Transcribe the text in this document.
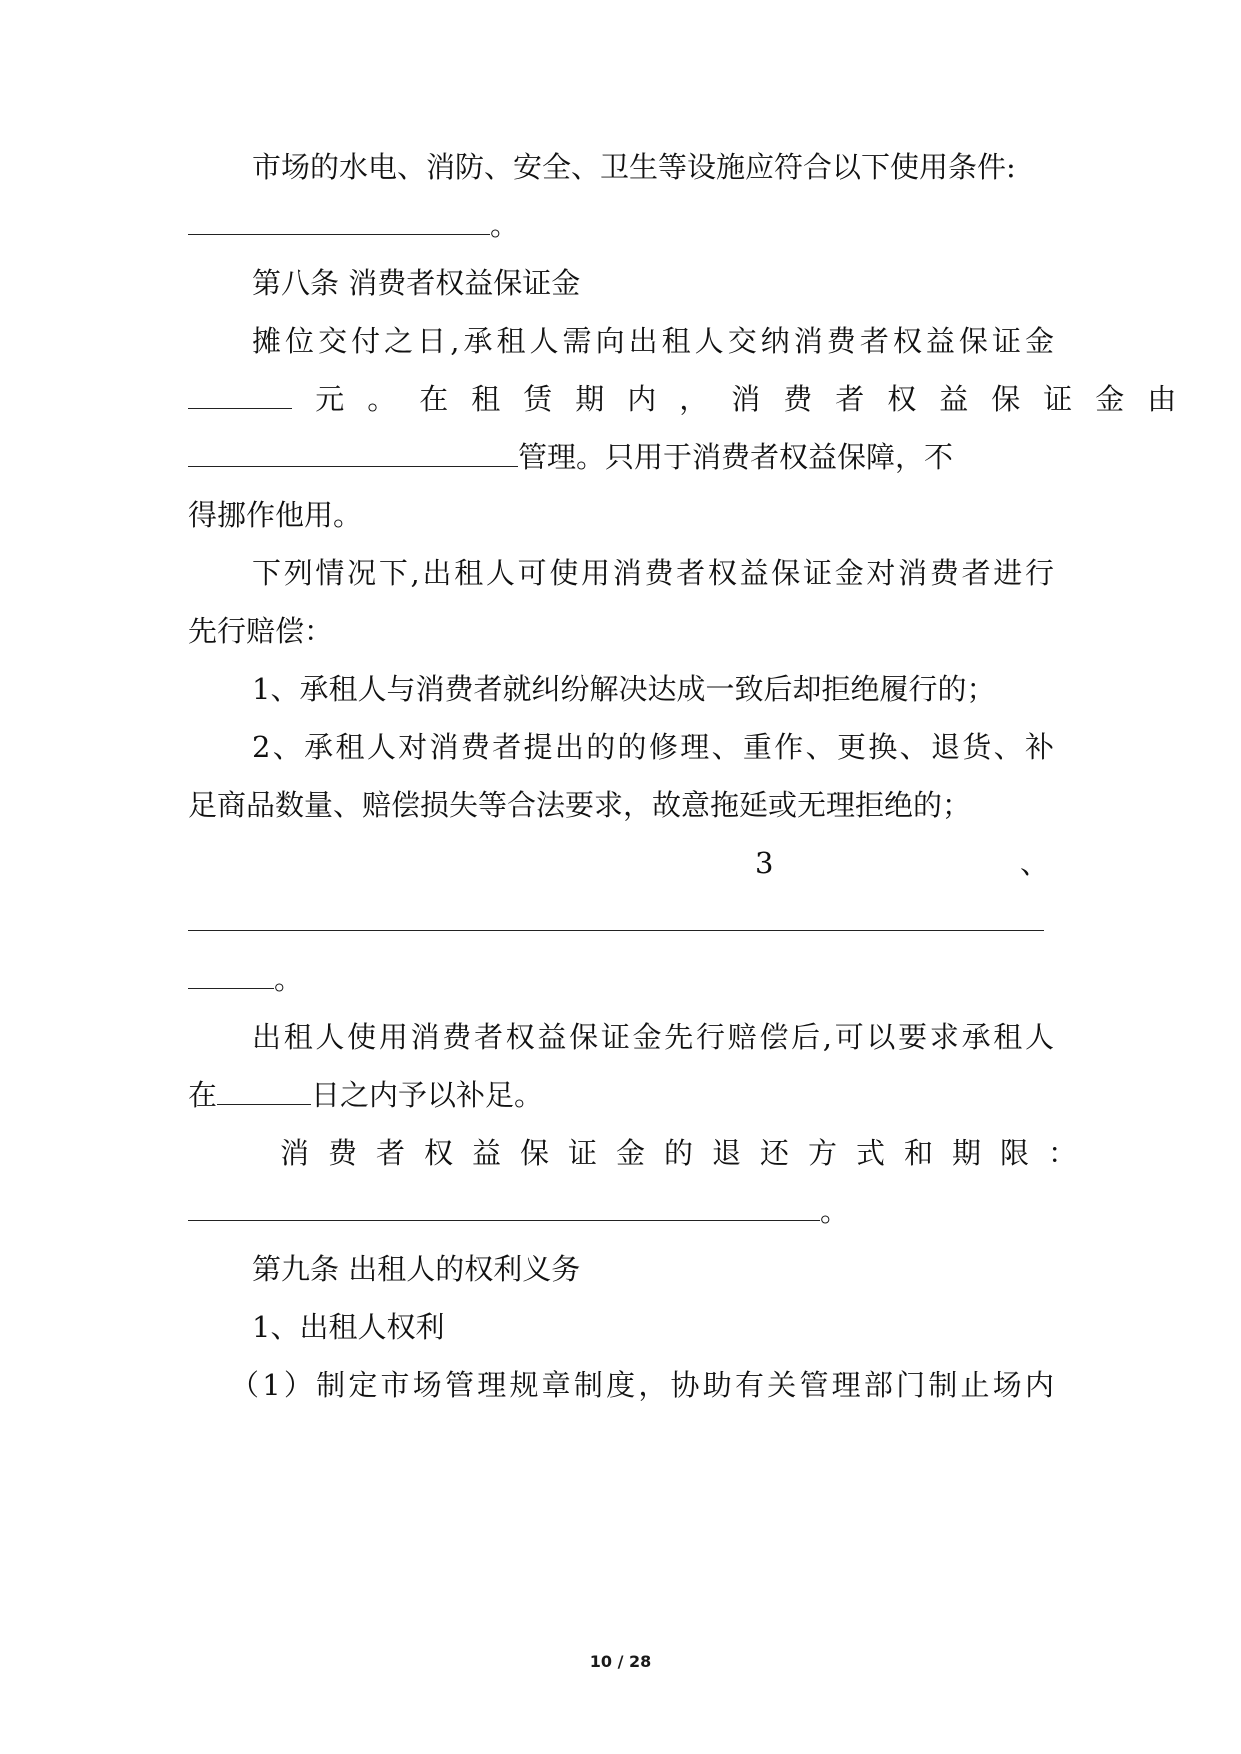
市场的水电、消防、安全、卫生等设施应符合以下使用条件:
。
第八条 消费者权益保证金
摊位交付之日,承租人需向出租人交纳消费者权益保证金
元。在租赁期内，消费者权益保证金由
管理。只用于消费者权益保障，不
得挪作他用。
下列情况下,出租人可使用消费者权益保证金对消费者进行
先行赔偿：
1、承租人与消费者就纠纷解决达成一致后却拒绝履行的；
2、承租人对消费者提出的的修理、重作、更换、退货、补
足商品数量、赔偿损失等合法要求，故意拖延或无理拒绝的；
3	、
。
出租人使用消费者权益保证金先行赔偿后,可以要求承租人
在	日之内予以补足。
消费者权益保证金的退还方式和期限：
。
第九条 出租人的权利义务
1、出租人权利
（1）制定市场管理规章制度，协助有关管理部门制止场内
10 / 28
